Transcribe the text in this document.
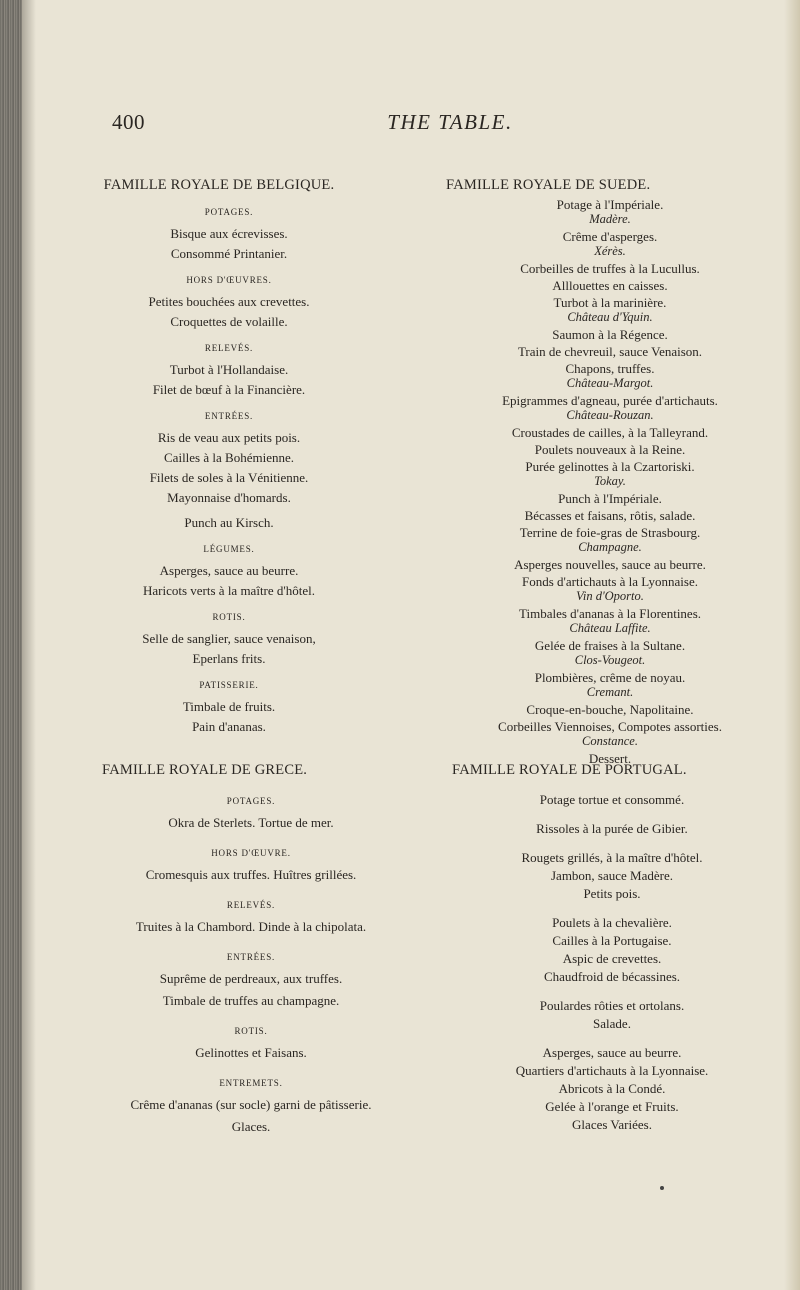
400	THE TABLE.
FAMILLE ROYALE DE BELGIQUE.
POTAGES.
Bisque aux écrevisses.
Consommé Printanier.
HORS D'ŒUVRES.
Petites bouchées aux crevettes.
Croquettes de volaille.
RELEVÉS.
Turbot à l'Hollandaise.
Filet de bœuf à la Financière.
ENTRÉES.
Ris de veau aux petits pois.
Cailles à la Bohémienne.
Filets de soles à la Vénitienne.
Mayonnaise d'homards.
Punch au Kirsch.
LÉGUMES.
Asperges, sauce au beurre.
Haricots verts à la maître d'hôtel.
ROTIS.
Selle de sanglier, sauce venaison,
Eperlans frits.
PATISSERIE.
Timbale de fruits.
Pain d'ananas.
FAMILLE ROYALE DE SUEDE.
Potage à l'Impériale.
Madère.
Crême d'asperges.
Xérès.
Corbeilles de truffes à la Lucullus.
Alllouettes en caisses.
Turbot à la marinière.
Château d'Yquin.
Saumon à la Régence.
Train de chevreuil, sauce Venaison.
Chapons, truffes.
Château-Margot.
Epigrammes d'agneau, purée d'artichauts.
Château-Rouzan.
Croustades de cailles, à la Talleyrand.
Poulets nouveaux à la Reine.
Purée gelinottes à la Czartoriski.
Tokay.
Punch à l'Impériale.
Bécasses et faisans, rôtis, salade.
Terrine de foie-gras de Strasbourg.
Champagne.
Asperges nouvelles, sauce au beurre.
Fonds d'artichauts à la Lyonnaise.
Vin d'Oporto.
Timbales d'ananas à la Florentines.
Château Laffite.
Gelée de fraises à la Sultane.
Clos-Vougeot.
Plombières, crême de noyau.
Cremant.
Croque-en-bouche, Napolitaine.
Corbeilles Viennoises, Compotes assorties.
Constance.
Dessert.
FAMILLE ROYALE DE GRECE.
POTAGES.
Okra de Sterlets. Tortue de mer.
HORS D'ŒUVRE.
Cromesquis aux truffes. Huîtres grillées.
RELEVÉS.
Truites à la Chambord. Dinde à la chipolata.
ENTRÉES.
Suprême de perdreaux, aux truffes.
Timbale de truffes au champagne.
ROTIS.
Gelinottes et Faisans.
ENTREMETS.
Crême d'ananas (sur socle) garni de pâtisserie.
Glaces.
FAMILLE ROYALE DE PORTUGAL.
Potage tortue et consommé.
Rissoles à la purée de Gibier.
Rougets grillés, à la maître d'hôtel.
Jambon, sauce Madère.
Petits pois.
Poulets à la chevalière.
Cailles à la Portugaise.
Aspic de crevettes.
Chaudfroid de bécassines.
Poulardes rôties et ortolans.
Salade.
Asperges, sauce au beurre.
Quartiers d'artichauts à la Lyonnaise.
Abricots à la Condé.
Gelée à l'orange et Fruits.
Glaces Variées.
